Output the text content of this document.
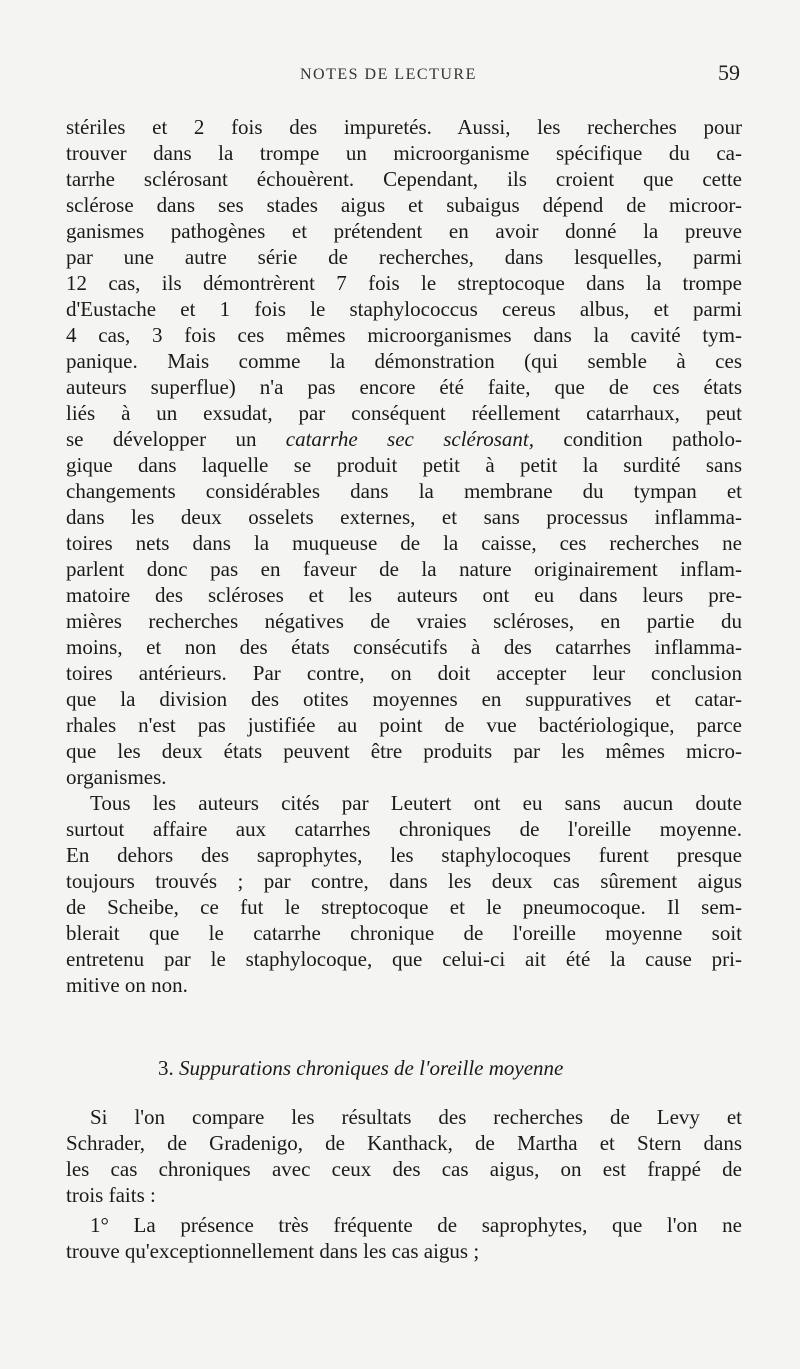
NOTES DE LECTURE	59
stériles et 2 fois des impuretés. Aussi, les recherches pour
trouver dans la trompe un microorganisme spécifique du ca-
tarrhe sclérosant échouèrent. Cependant, ils croient que cette
sclérose dans ses stades aigus et subaigus dépend de microor-
ganismes pathogènes et prétendent en avoir donné la preuve
par une autre série de recherches, dans lesquelles, parmi
12 cas, ils démontrèrent 7 fois le streptocoque dans la trompe
d'Eustache et 1 fois le staphylococcus cereus albus, et parmi
4 cas, 3 fois ces mêmes microorganismes dans la cavité tym-
panique. Mais comme la démonstration (qui semble à ces
auteurs superflue) n'a pas encore été faite, que de ces états
liés à un exsudat, par conséquent réellement catarrhaux, peut
se développer un catarrhe sec sclérosant, condition patholo-
gique dans laquelle se produit petit à petit la surdité sans
changements considérables dans la membrane du tympan et
dans les deux osselets externes, et sans processus inflamma-
toires nets dans la muqueuse de la caisse, ces recherches ne
parlent donc pas en faveur de la nature originairement inflam-
matoire des scléroses et les auteurs ont eu dans leurs pre-
mières recherches négatives de vraies scléroses, en partie du
moins, et non des états consécutifs à des catarrhes inflamma-
toires antérieurs. Par contre, on doit accepter leur conclusion
que la division des otites moyennes en suppuratives et catar-
rhales n'est pas justifiée au point de vue bactériologique, parce
que les deux états peuvent être produits par les mêmes micro-
organismes.
Tous les auteurs cités par Leutert ont eu sans aucun doute
surtout affaire aux catarrhes chroniques de l'oreille moyenne.
En dehors des saprophytes, les staphylocoques furent presque
toujours trouvés ; par contre, dans les deux cas sûrement aigus
de Scheibe, ce fut le streptocoque et le pneumocoque. Il sem-
blerait que le catarrhe chronique de l'oreille moyenne soit
entretenu par le staphylocoque, que celui-ci ait été la cause pri-
mitive on non.
3. Suppurations chroniques de l'oreille moyenne
Si l'on compare les résultats des recherches de Levy et
Schrader, de Gradenigo, de Kanthack, de Martha et Stern dans
les cas chroniques avec ceux des cas aigus, on est frappé de
trois faits :
1° La présence très fréquente de saprophytes, que l'on ne
trouve qu'exceptionnellement dans les cas aigus ;
